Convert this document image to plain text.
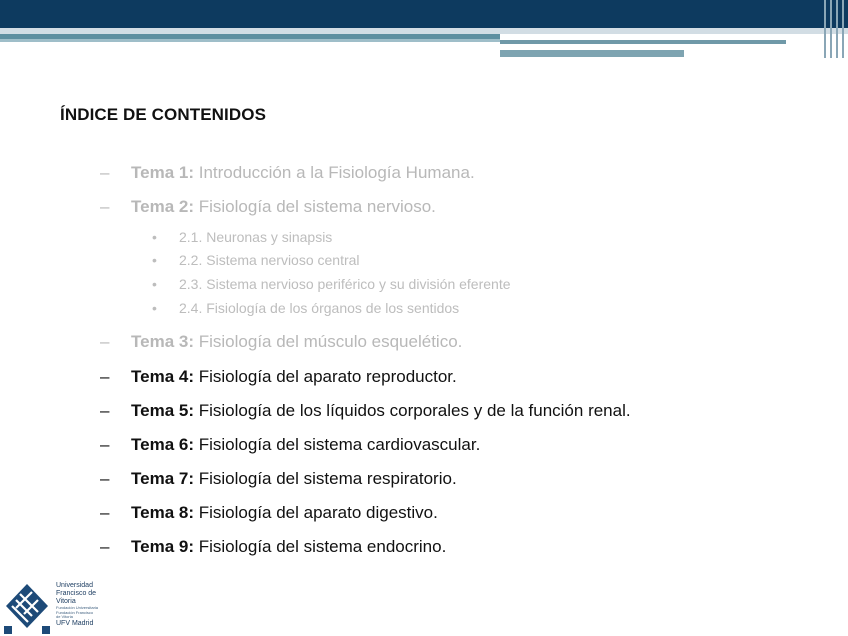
ÍNDICE DE CONTENIDOS
– Tema 1: Introducción a la Fisiología Humana.
– Tema 2: Fisiología del sistema nervioso.
• 2.1. Neuronas y sinapsis
• 2.2. Sistema nervioso central
• 2.3. Sistema nervioso periférico y su división eferente
• 2.4. Fisiología de los órganos de los sentidos
– Tema 3: Fisiología del músculo esquelético.
– Tema 4: Fisiología del aparato reproductor.
– Tema 5: Fisiología de los líquidos corporales y de la función renal.
– Tema 6: Fisiología del sistema cardiovascular.
– Tema 7: Fisiología del sistema respiratorio.
– Tema 8: Fisiología del aparato digestivo.
– Tema 9: Fisiología del sistema endocrino.
Universidad
Francisco de
Vitoria
Fundación Universitaria
Fundación Francisco
de Vitoria
UFV Madrid
